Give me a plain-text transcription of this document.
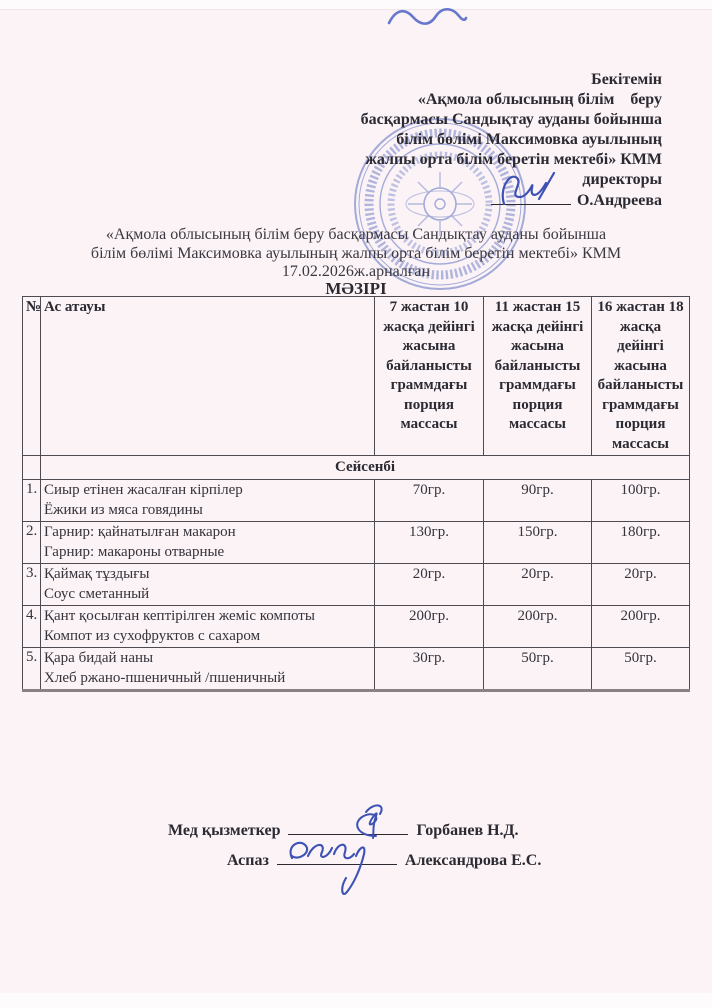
Бекітемін
«Ақмола облысының білім    беру
басқармасы Сандықтау ауданы бойынша
білім бөлімі Максимовка ауылының
жалпы орта білім беретін мектебі» КММ
директоры
О.Андреева
«Ақмола облысының білім беру басқармасы Сандықтау ауданы бойынша
білім бөлімі Максимовка ауылының жалпы орта білім беретін мектебі» КММ
17.02.2026ж.арналған
МӘЗІРІ
№	Ас атауы	7 жастан 10 жасқа дейінгі жасына байланысты граммдағы порция массасы	11 жастан 15 жасқа дейінгі жасына байланысты граммдағы порция массасы	16 жастан 18 жасқа дейінгі жасына байланысты граммдағы порция массасы
	Сейсенбі			
1.	Сиыр етінен жасалған кірпілер
Ёжики из мяса говядины	70гр.	90гр.	100гр.
2.	Гарнир: қайнатылған макарон
Гарнир: макароны отварные	130гр.	150гр.	180гр.
3.	Қаймақ тұздығы
Соус сметанный	20гр.	20гр.	20гр.
4.	Қант қосылған кептірілген жеміс компоты
Компот из сухофруктов с сахаром	200гр.	200гр.	200гр.
5.	Қара бидай наны
Хлеб ржано-пшеничный /пшеничный	30гр.	50гр.	50гр.
Мед қызметкер	Горбанев Н.Д.
Аспаз	Александрова Е.С.
